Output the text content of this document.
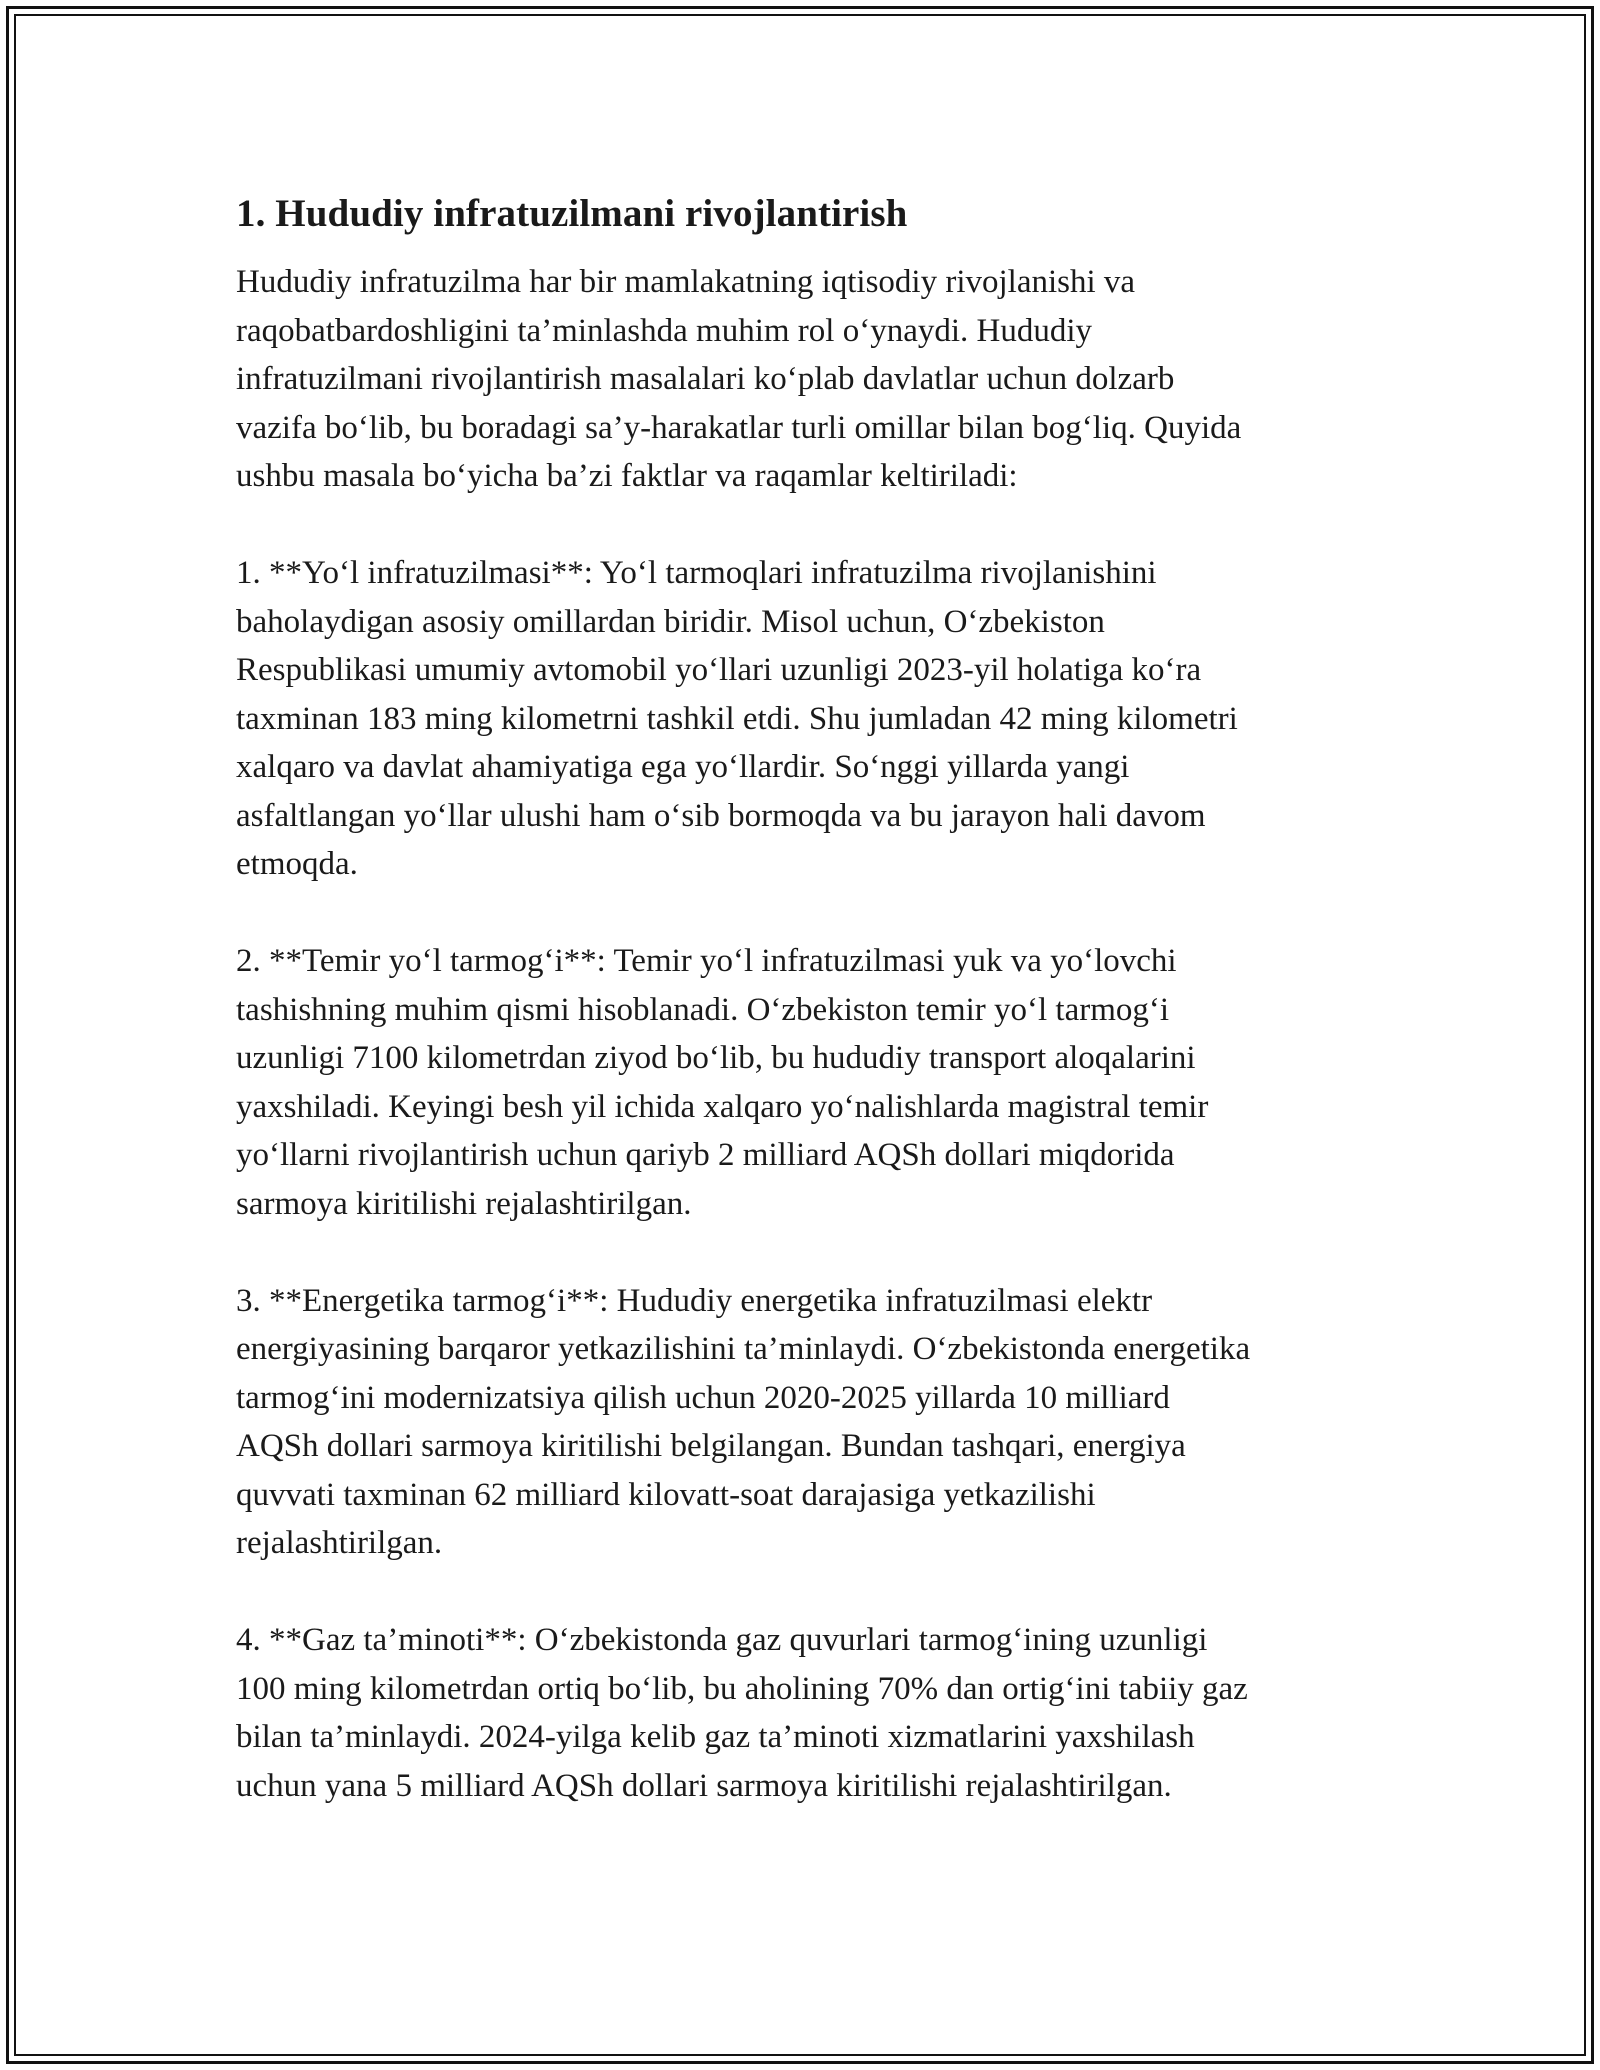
1. Hududiy infratuzilmani rivojlantirish

Hududiy infratuzilma har bir mamlakatning iqtisodiy rivojlanishi va
raqobatbardoshligini ta’minlashda muhim rol o‘ynaydi. Hududiy
infratuzilmani rivojlantirish masalalari ko‘plab davlatlar uchun dolzarb
vazifa bo‘lib, bu boradagi sa’y-harakatlar turli omillar bilan bog‘liq. Quyida
ushbu masala bo‘yicha ba’zi faktlar va raqamlar keltiriladi:

1. **Yo‘l infratuzilmasi**: Yo‘l tarmoqlari infratuzilma rivojlanishini
baholaydigan asosiy omillardan biridir. Misol uchun, O‘zbekiston
Respublikasi umumiy avtomobil yo‘llari uzunligi 2023-yil holatiga ko‘ra
taxminan 183 ming kilometrni tashkil etdi. Shu jumladan 42 ming kilometri
xalqaro va davlat ahamiyatiga ega yo‘llardir. So‘nggi yillarda yangi
asfaltlangan yo‘llar ulushi ham o‘sib bormoqda va bu jarayon hali davom
etmoqda.

2. **Temir yo‘l tarmog‘i**: Temir yo‘l infratuzilmasi yuk va yo‘lovchi
tashishning muhim qismi hisoblanadi. O‘zbekiston temir yo‘l tarmog‘i
uzunligi 7100 kilometrdan ziyod bo‘lib, bu hududiy transport aloqalarini
yaxshiladi. Keyingi besh yil ichida xalqaro yo‘nalishlarda magistral temir
yo‘llarni rivojlantirish uchun qariyb 2 milliard AQSh dollari miqdorida
sarmoya kiritilishi rejalashtirilgan.

3. **Energetika tarmog‘i**: Hududiy energetika infratuzilmasi elektr
energiyasining barqaror yetkazilishini ta’minlaydi. O‘zbekistonda energetika
tarmog‘ini modernizatsiya qilish uchun 2020-2025 yillarda 10 milliard
AQSh dollari sarmoya kiritilishi belgilangan. Bundan tashqari, energiya
quvvati taxminan 62 milliard kilovatt-soat darajasiga yetkazilishi
rejalashtirilgan.

4. **Gaz ta’minoti**: O‘zbekistonda gaz quvurlari tarmog‘ining uzunligi
100 ming kilometrdan ortiq bo‘lib, bu aholining 70% dan ortig‘ini tabiiy gaz
bilan ta’minlaydi. 2024-yilga kelib gaz ta’minoti xizmatlarini yaxshilash
uchun yana 5 milliard AQSh dollari sarmoya kiritilishi rejalashtirilgan.
